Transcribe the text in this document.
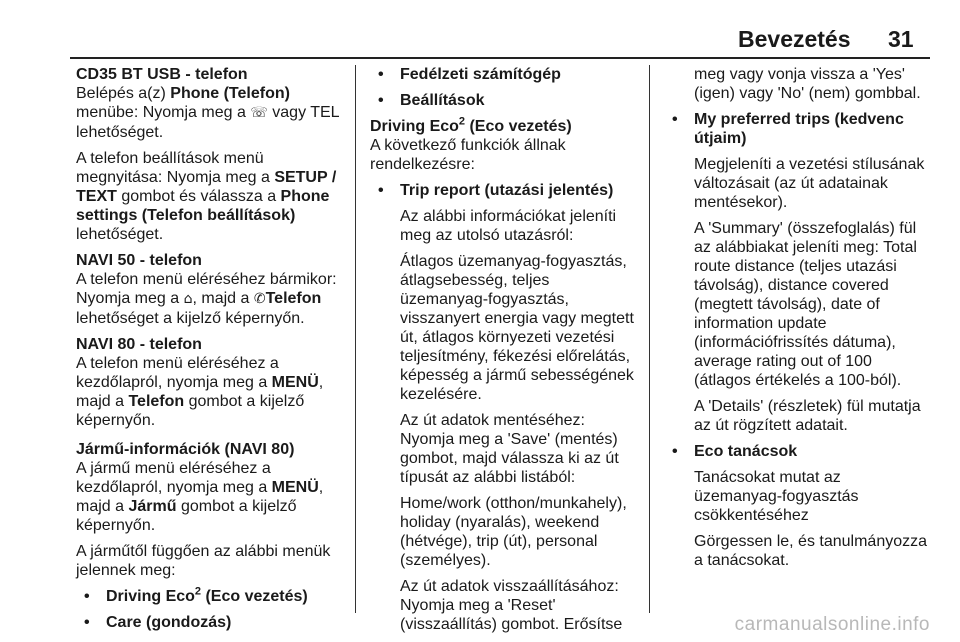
Bevezetés 31
CD35 BT USB - telefon

Belépés a(z) Phone (Telefon) menübe: Nyomja meg a ☏ vagy TEL lehetőséget.

A telefon beállítások menü megnyitása: Nyomja meg a SETUP / TEXT gombot és válassza a Phone settings (Telefon beállítások) lehetőséget.

NAVI 50 - telefon

A telefon menü eléréséhez bármikor: Nyomja meg a ⌂, majd a ✆Telefon lehetőséget a kijelző képernyőn.

NAVI 80 - telefon

A telefon menü eléréséhez a kezdőlapról, nyomja meg a MENÜ, majd a Telefon gombot a kijelző képernyőn.

Jármű-információk (NAVI 80)

A jármű menü eléréséhez a kezdőlapról, nyomja meg a MENÜ, majd a Jármű gombot a kijelző képernyőn.

A járműtől függően az alábbi menük jelennek meg:

• Driving Eco$^2$ (Eco vezetés)

• Care (gondozás)

• Fedélzeti számítógép

• Beállítások

Driving Eco$^2$ (Eco vezetés)

A következő funkciók állnak rendelkezésre:

• Trip report (utazási jelentés)

Az alábbi információkat jeleníti meg az utolsó utazásról:

Átlagos üzemanyag-fogyasztás, átlagsebesség, teljes üzemanyag-fogyasztás, visszanyert energia vagy megtett út, átlagos környezeti vezetési teljesítmény, fékezési előrelátás, képesség a jármű sebességének kezelésére.

Az út adatok mentéséhez: Nyomja meg a 'Save' (mentés) gombot, majd válassza ki az út típusát az alábbi listából:

Home/work (otthon/munkahely), holiday (nyaralás), weekend (hétvége), trip (út), personal (személyes).

Az út adatok visszaállításához: Nyomja meg a 'Reset' (visszaállítás) gombot. Erősítse

meg vagy vonja vissza a 'Yes' (igen) vagy 'No' (nem) gombbal.

• My preferred trips (kedvenc útjaim)

Megjeleníti a vezetési stílusának változásait (az út adatainak mentésekor).

A 'Summary' (összefoglalás) fül az alábbiakat jeleníti meg: Total route distance (teljes utazási távolság), distance covered (megtett távolság), date of information update (információfrissítés dátuma), average rating out of 100 (átlagos értékelés a 100-ból).

A 'Details' (részletek) fül mutatja az út rögzített adatait.

• Eco tanácsok

Tanácsokat mutat az üzemanyag-fogyasztás csökkentéséhez

Görgessen le, és tanulmányozza a tanácsokat.

carmanualsonline.info
